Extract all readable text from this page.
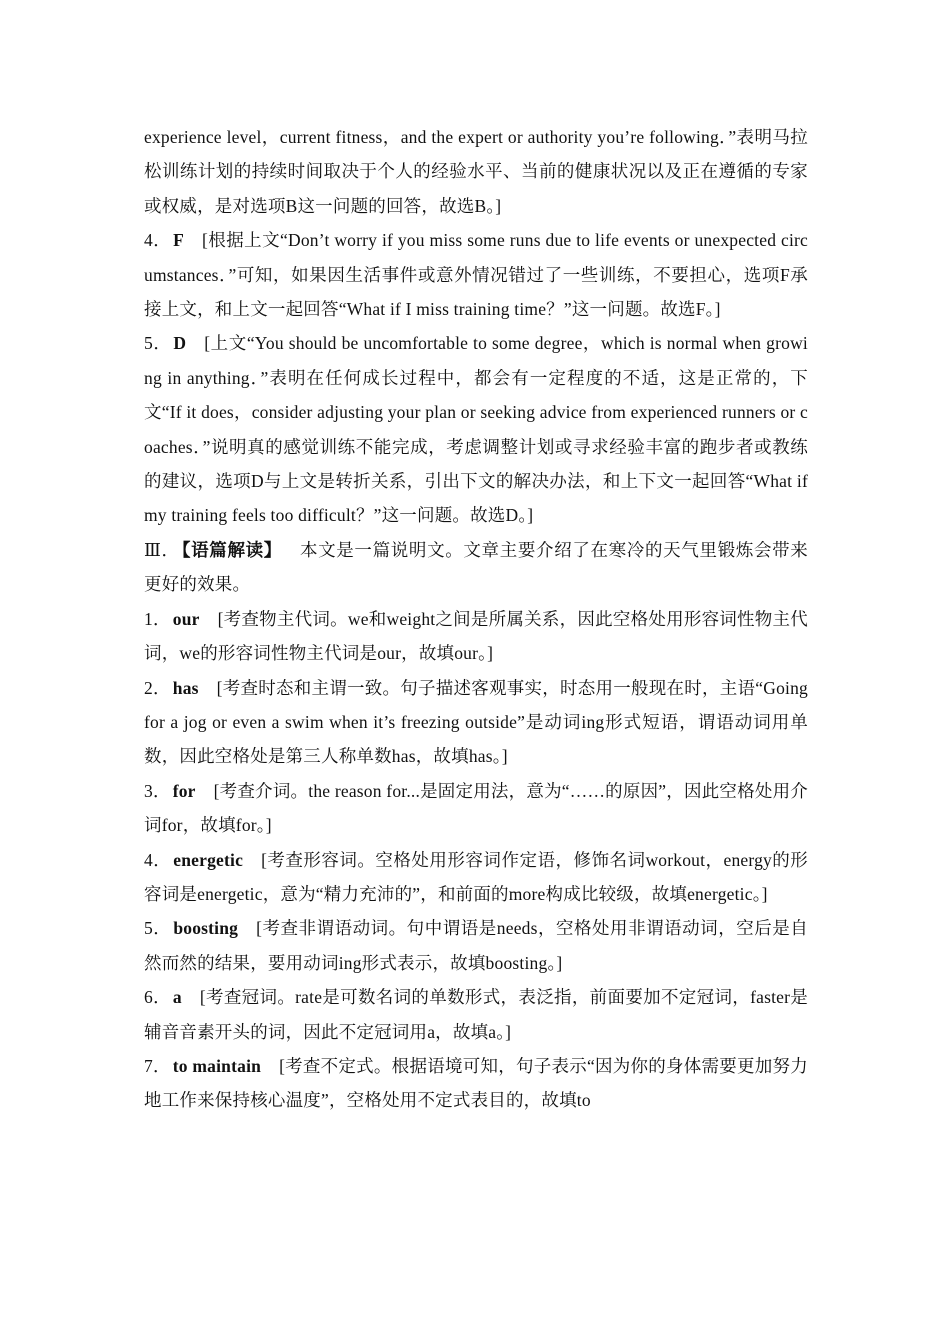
experience level，current fitness，and the expert or authority you’re following．”表明马拉松训练计划的持续时间取决于个人的经验水平、当前的健康状况以及正在遵循的专家或权威，是对选项B这一问题的回答，故选B。]

4． F [根据上文“Don’t worry if you miss some runs due to life events or unexpected circumstances．”可知，如果因生活事件或意外情况错过了一些训练，不要担心，选项F承接上文，和上文一起回答“What if I miss training time？”这一问题。故选F。]

5． D [上文“You should be uncomfortable to some degree，which is normal when growing in anything．”表明在任何成长过程中，都会有一定程度的不适，这是正常的，下文“If it does，consider adjusting your plan or seeking advice from experienced runners or coaches．”说明真的感觉训练不能完成，考虑调整计划或寻求经验丰富的跑步者或教练的建议，选项D与上文是转折关系，引出下文的解决办法，和上下文一起回答“What if my training feels too difficult？”这一问题。故选D。]

Ⅲ． 【语篇解读】 本文是一篇说明文。文章主要介绍了在寒冷的天气里锻炼会带来更好的效果。

1． our [考查物主代词。we和weight之间是所属关系，因此空格处用形容词性物主代词，we的形容词性物主代词是our，故填our。]

2． has [考查时态和主谓一致。句子描述客观事实，时态用一般现在时，主语“Going for a jog or even a swim when it’s freezing outside”是动词ing形式短语，谓语动词用单数，因此空格处是第三人称单数has，故填has。]

3． for [考查介词。the reason for...是固定用法，意为“……的原因”，因此空格处用介词for，故填for。]

4． energetic [考查形容词。空格处用形容词作定语，修饰名词workout，energy的形容词是energetic，意为“精力充沛的”，和前面的more构成比较级，故填energetic。]

5． boosting [考查非谓语动词。句中谓语是needs，空格处用非谓语动词，空后是自然而然的结果，要用动词ing形式表示，故填boosting。]

6． a [考查冠词。rate是可数名词的单数形式，表泛指，前面要加不定冠词，faster是辅音音素开头的词，因此不定冠词用a，故填a。]

7． to maintain [考查不定式。根据语境可知，句子表示“因为你的身体需要更加努力地工作来保持核心温度”，空格处用不定式表目的，故填to
